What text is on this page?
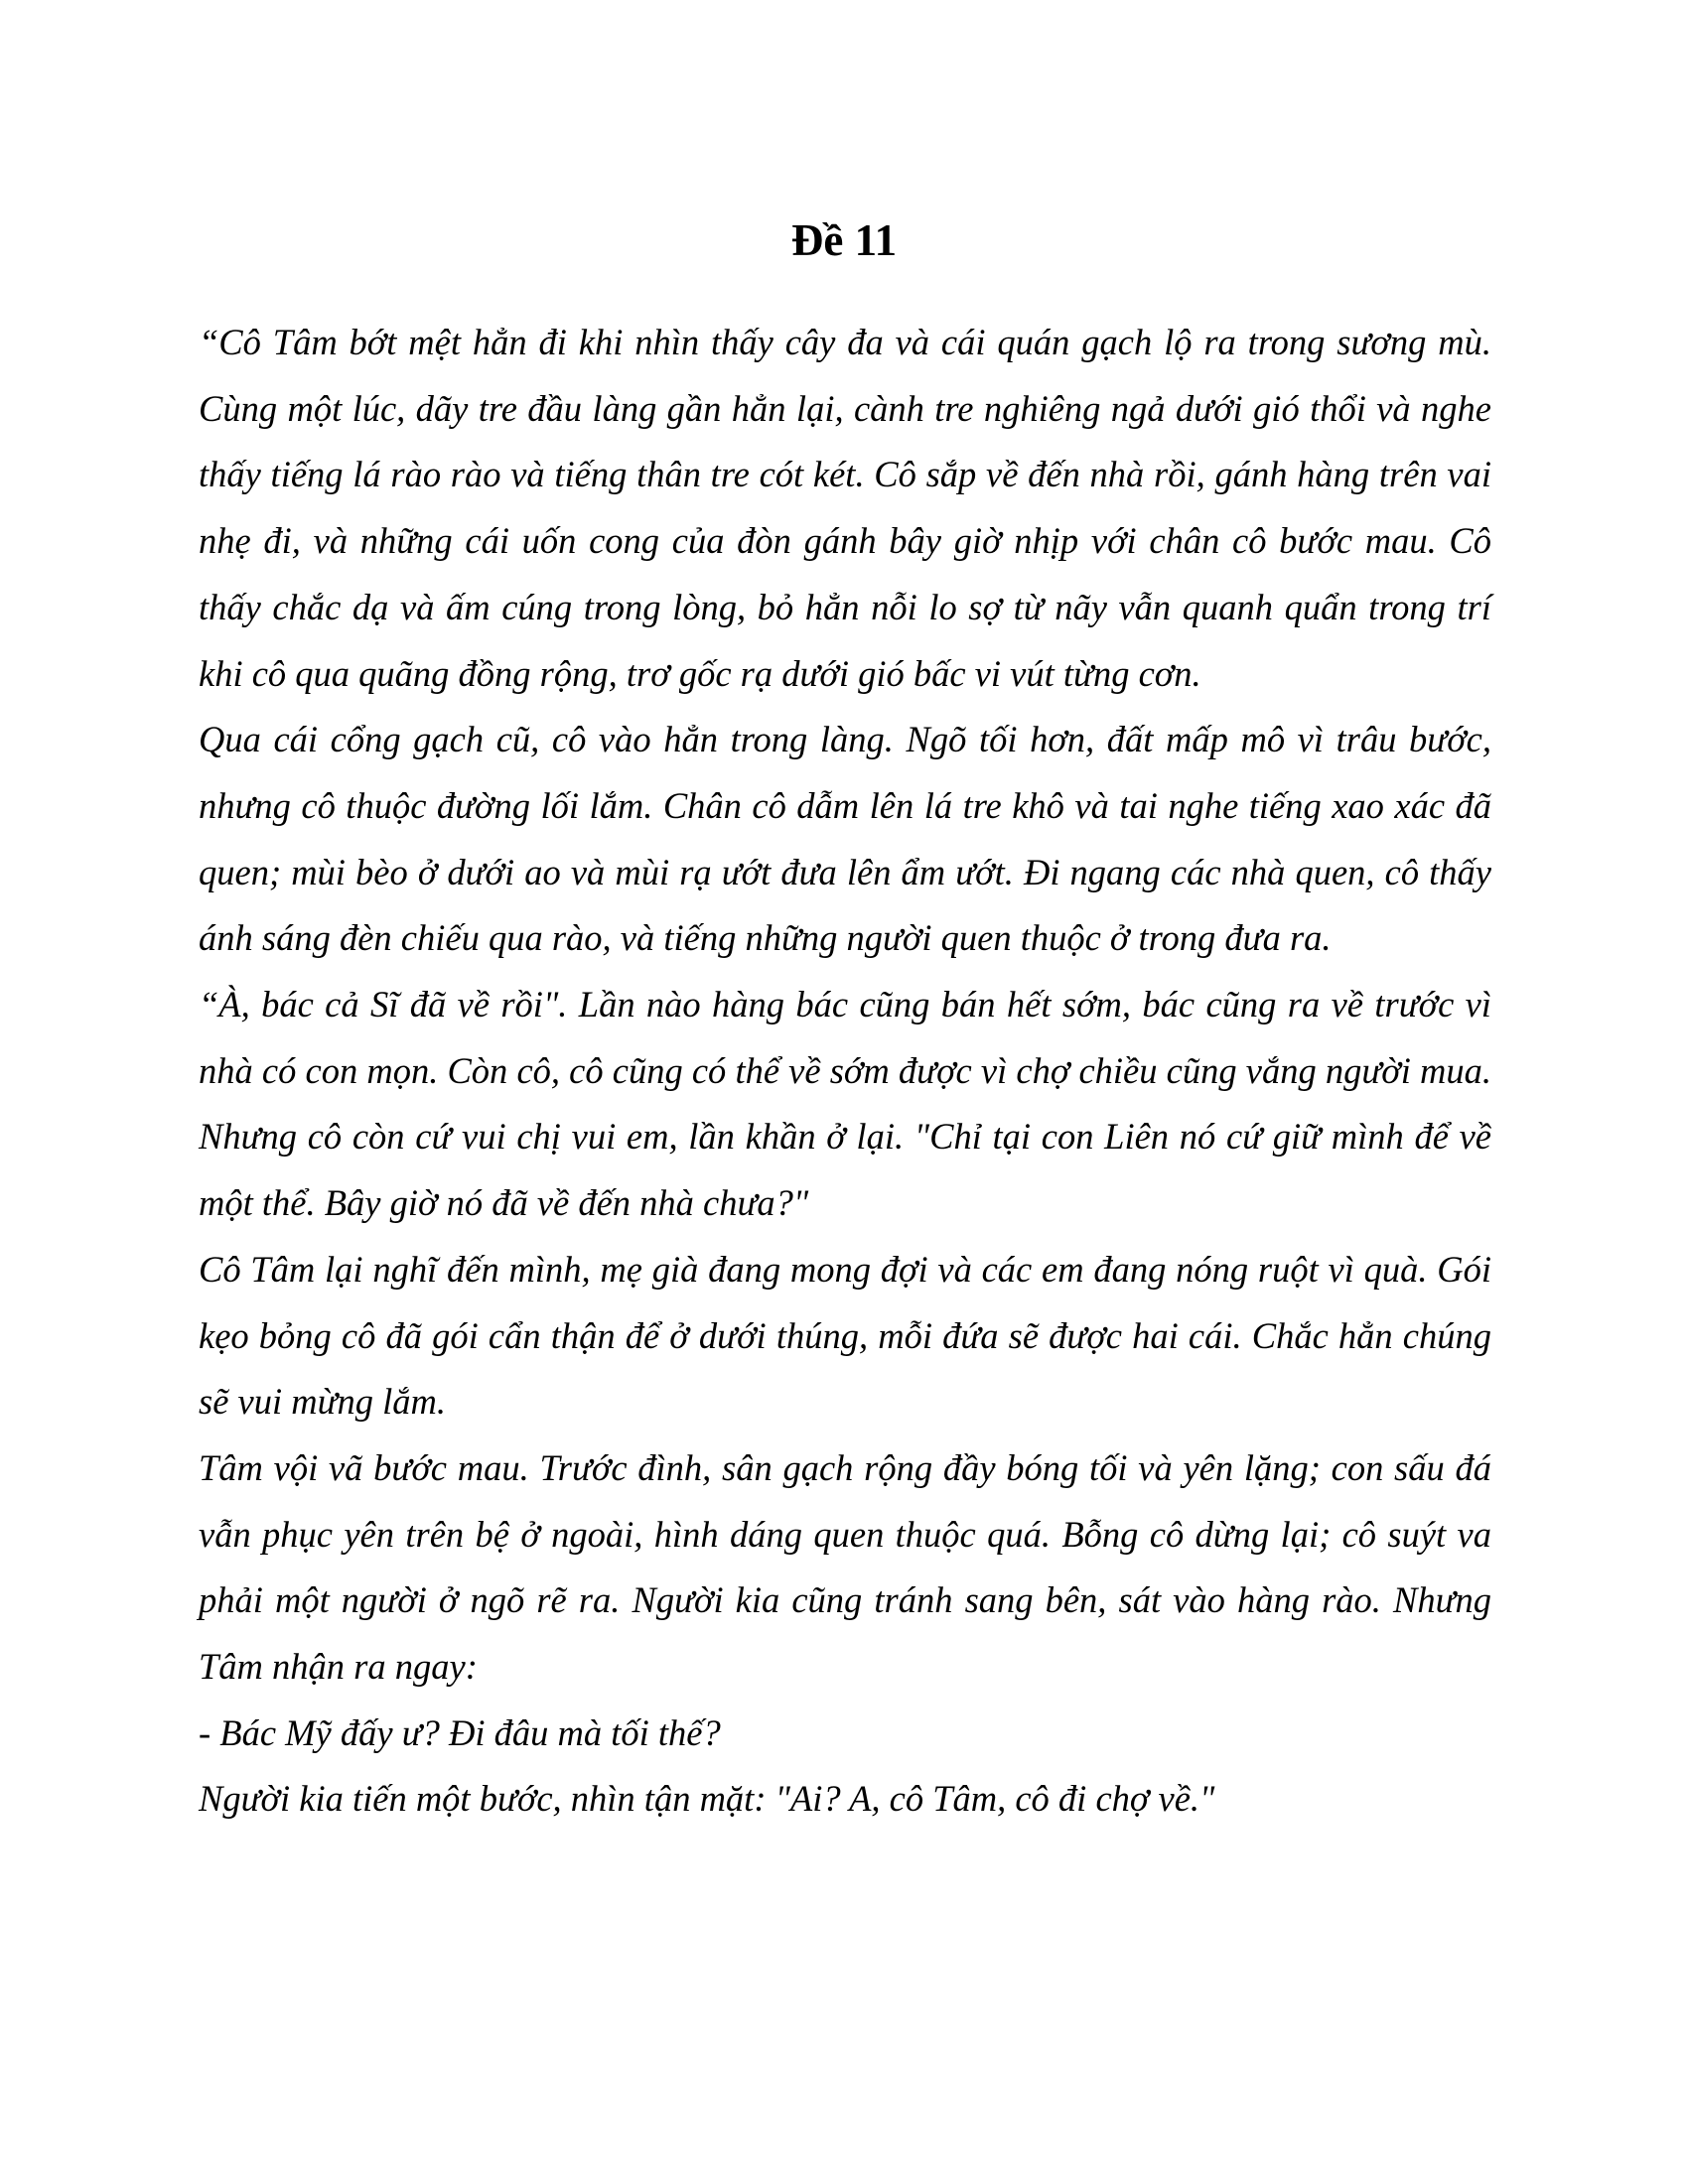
Đề 11

“Cô Tâm bớt mệt hẳn đi khi nhìn thấy cây đa và cái quán gạch lộ ra trong sương mù. Cùng một lúc, dãy tre đầu làng gần hẳn lại, cành tre nghiêng ngả dưới gió thổi và nghe thấy tiếng lá rào rào và tiếng thân tre cót két. Cô sắp về đến nhà rồi, gánh hàng trên vai nhẹ đi, và những cái uốn cong của đòn gánh bây giờ nhịp với chân cô bước mau. Cô thấy chắc dạ và ấm cúng trong lòng, bỏ hẳn nỗi lo sợ từ nãy vẫn quanh quẩn trong trí khi cô qua quãng đồng rộng, trơ gốc rạ dưới gió bấc vi vút từng cơn.

Qua cái cổng gạch cũ, cô vào hẳn trong làng. Ngõ tối hơn, đất mấp mô vì trâu bước, nhưng cô thuộc đường lối lắm. Chân cô dẫm lên lá tre khô và tai nghe tiếng xao xác đã quen; mùi bèo ở dưới ao và mùi rạ ướt đưa lên ẩm ướt. Đi ngang các nhà quen, cô thấy ánh sáng đèn chiếu qua rào, và tiếng những người quen thuộc ở trong đưa ra.

“À, bác cả Sĩ đã về rồi". Lần nào hàng bác cũng bán hết sớm, bác cũng ra về trước vì nhà có con mọn. Còn cô, cô cũng có thể về sớm được vì chợ chiều cũng vắng người mua. Nhưng cô còn cứ vui chị vui em, lần khần ở lại. "Chỉ tại con Liên nó cứ giữ mình để về một thể. Bây giờ nó đã về đến nhà chưa?"

Cô Tâm lại nghĩ đến mình, mẹ già đang mong đợi và các em đang nóng ruột vì quà. Gói kẹo bỏng cô đã gói cẩn thận để ở dưới thúng, mỗi đứa sẽ được hai cái. Chắc hẳn chúng sẽ vui mừng lắm.

Tâm vội vã bước mau. Trước đình, sân gạch rộng đầy bóng tối và yên lặng; con sấu đá vẫn phục yên trên bệ ở ngoài, hình dáng quen thuộc quá. Bỗng cô dừng lại; cô suýt va phải một người ở ngõ rẽ ra. Người kia cũng tránh sang bên, sát vào hàng rào. Nhưng Tâm nhận ra ngay:

- Bác Mỹ đấy ư? Đi đâu mà tối thế?

Người kia tiến một bước, nhìn tận mặt: "Ai? A, cô Tâm, cô đi chợ về."
